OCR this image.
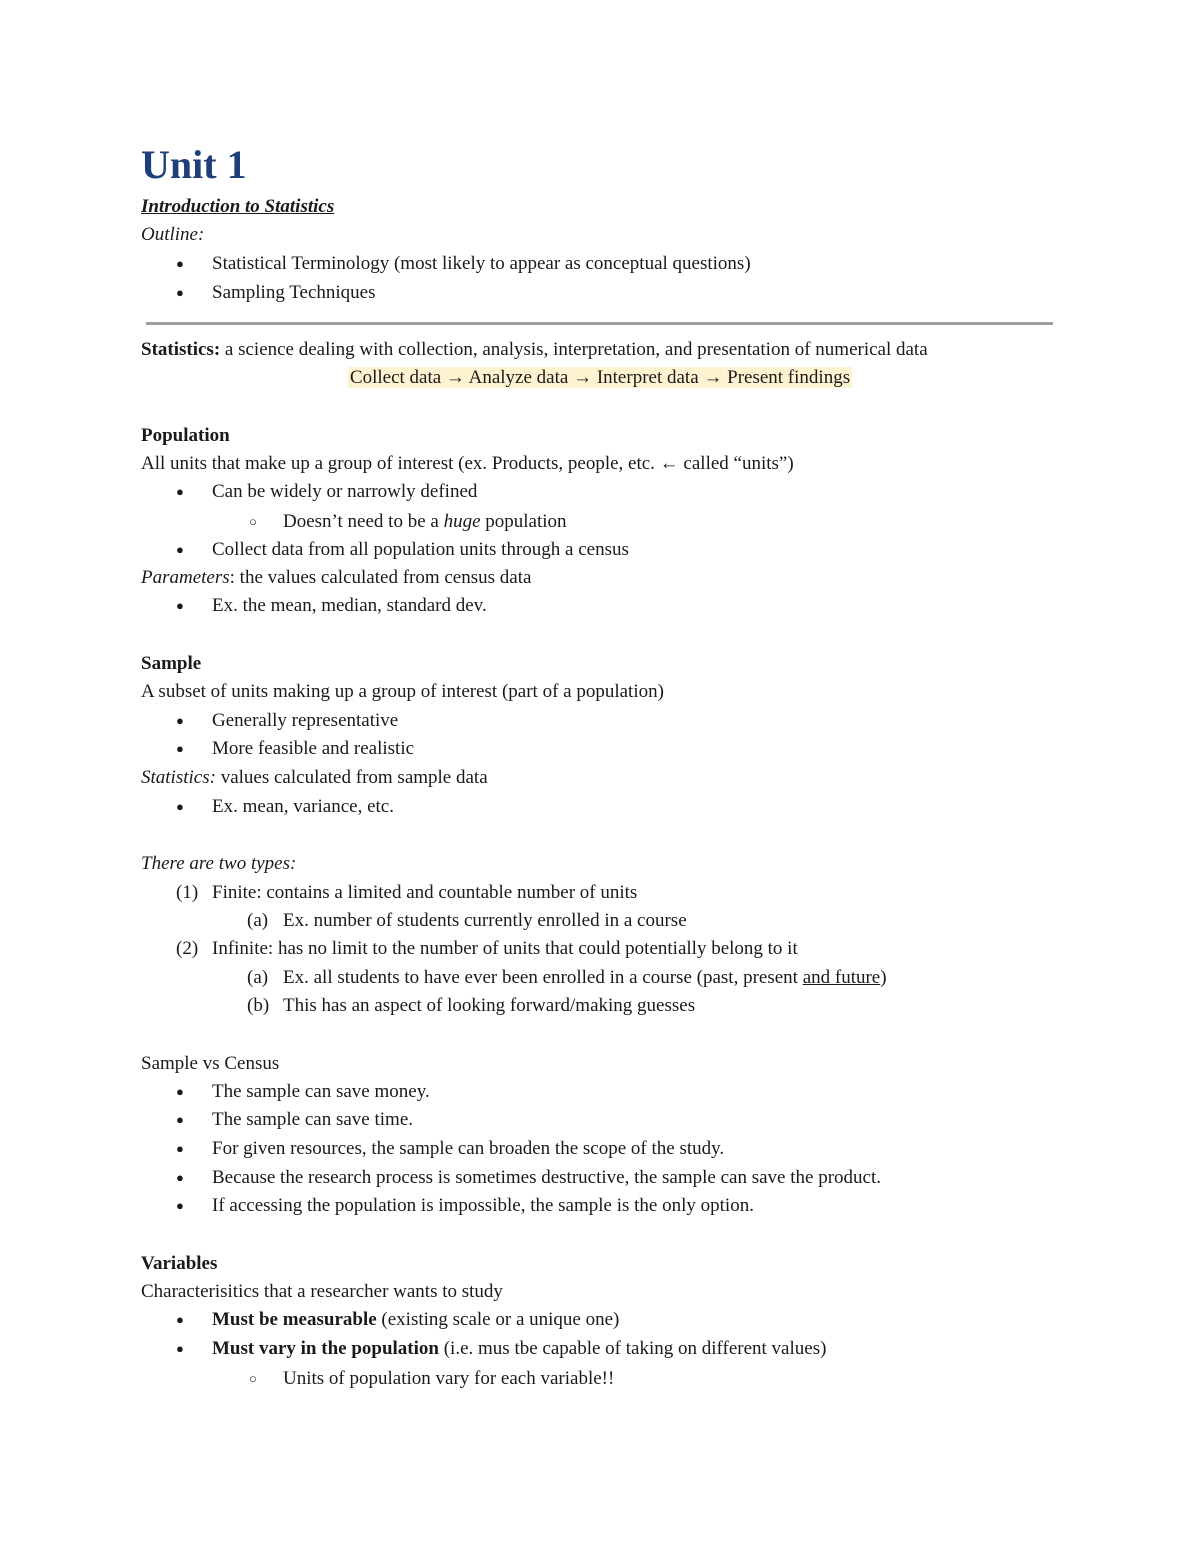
Unit 1
Introduction to Statistics
Outline:
● Statistical Terminology (most likely to appear as conceptual questions)
● Sampling Techniques
Statistics: a science dealing with collection, analysis, interpretation, and presentation of numerical data
Collect data → Analyze data → Interpret data → Present findings
Population
All units that make up a group of interest (ex. Products, people, etc. ← called “units”)
● Can be widely or narrowly defined
○ Doesn’t need to be a huge population
● Collect data from all population units through a census
Parameters: the values calculated from census data
● Ex. the mean, median, standard dev.
Sample
A subset of units making up a group of interest (part of a population)
● Generally representative
● More feasible and realistic
Statistics: values calculated from sample data
● Ex. mean, variance, etc.
There are two types:
(1) Finite: contains a limited and countable number of units
(a) Ex. number of students currently enrolled in a course
(2) Infinite: has no limit to the number of units that could potentially belong to it
(a) Ex. all students to have ever been enrolled in a course (past, present and future)
(b) This has an aspect of looking forward/making guesses
Sample vs Census
● The sample can save money.
● The sample can save time.
● For given resources, the sample can broaden the scope of the study.
● Because the research process is sometimes destructive, the sample can save the product.
● If accessing the population is impossible, the sample is the only option.
Variables
Characterisitics that a researcher wants to study
● Must be measurable (existing scale or a unique one)
● Must vary in the population (i.e. mus tbe capable of taking on different values)
○ Units of population vary for each variable!!
